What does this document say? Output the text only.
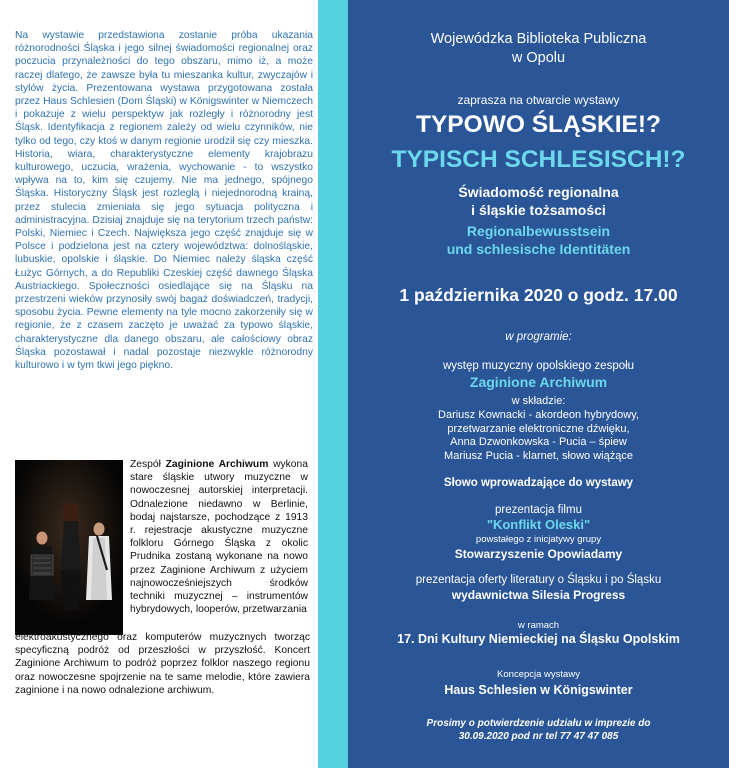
Na wystawie przedstawiona zostanie próba ukazania różnorodności Śląska i jego silnej świadomości regionalnej oraz poczucia przynależności do tego obszaru, mimo iż, a może raczej dlatego, że zawsze była tu mieszanka kultur, zwyczajów i stylów życia. Prezentowana wystawa przygotowana została przez Haus Schlesien (Dom Śląski) w Königswinter w Niemczech i pokazuje z wielu perspektyw jak rozległy i różnorodny jest Śląsk. Identyfikacja z regionem zależy od wielu czynników, nie tylko od tego, czy ktoś w danym regionie urodził się czy mieszka. Historia, wiara, charakterystyczne elementy krajobrazu kulturowego, uczucia, wrażenia, wychowanie - to wszystko wpływa na to, kim się czujemy. Nie ma jednego, spójnego Śląska. Historyczny Śląsk jest rozległą i niejednorodną krainą, przez stulecia zmieniała się jego sytuacja polityczna i administracyjna. Dzisiaj znajduje się na terytorium trzech państw: Polski, Niemiec i Czech. Największa jego część znajduje się w Polsce i podzielona jest na cztery województwa: dolnośląskie, lubuskie, opolskie i śląskie. Do Niemiec należy śląska część Łużyc Górnych, a do Republiki Czeskiej część dawnego Śląska Austriackiego. Społeczności osiedlające się na Śląsku na przestrzeni wieków przynosiły swój bagaż doświadczeń, tradycji, sposobu życia. Pewne elementy na tyle mocno zakorzeniły się w regionie, że z czasem zaczęto je uważać za typowo śląskie, charakterystyczne dla danego obszaru, ale całościowy obraz Śląska pozostawał i nadal pozostaje niezwykle różnorodny kulturowo i w tym tkwi jego piękno.
Zespół Zaginione Archiwum wykona stare śląskie utwory muzyczne w nowoczesnej autorskiej interpretacji. Odnalezione niedawno w Berlinie, bodaj najstarsze, pochodzące z 1913 r. rejestracje akustyczne muzyczne folkloru Górnego Śląska z okolic Prudnika zostaną wykonane na nowo przez Zaginione Archiwum z użyciem najnowocześniejszych środków techniki muzycznej – instrumentów hybrydowych, looperów, przetwarzania
elektroakustycznego oraz komputerów muzycznych tworząc specyficzną podróż od przeszłości w przyszłość. Koncert Zaginione Archiwum to podróż poprzez folklor naszego regionu oraz nowoczesne spojrzenie na te same melodie, które zawiera zaginione i na nowo odnalezione archiwum.
Wojewódzka Biblioteka Publiczna
w Opolu
zaprasza na otwarcie wystawy
TYPOWO ŚLĄSKIE!?
TYPISCH SCHLESISCH!?
Świadomość regionalna
i śląskie tożsamości
Regionalbewusstsein
und schlesische Identitäten
1 października 2020 o godz. 17.00
w programie:
występ muzyczny opolskiego zespołu
Zaginione Archiwum
w składzie:
Dariusz Kownacki - akordeon hybrydowy,
przetwarzanie elektroniczne dźwięku,
Anna Dzwonkowska - Pucia – śpiew
Mariusz Pucia - klarnet, słowo wiążące
Słowo wprowadzające do wystawy
prezentacja filmu
"Konflikt Oleski"
powstałego z inicjatywy grupy
Stowarzyszenie Opowiadamy
prezentacja oferty literatury o Śląsku i po Śląsku
wydawnictwa Silesia Progress
w ramach
17. Dni Kultury Niemieckiej na Śląsku Opolskim
Koncepcja wystawy
Haus Schlesien w Königswinter
Prosimy o potwierdzenie udziału w imprezie do
30.09.2020 pod nr tel 77 47 47 085
